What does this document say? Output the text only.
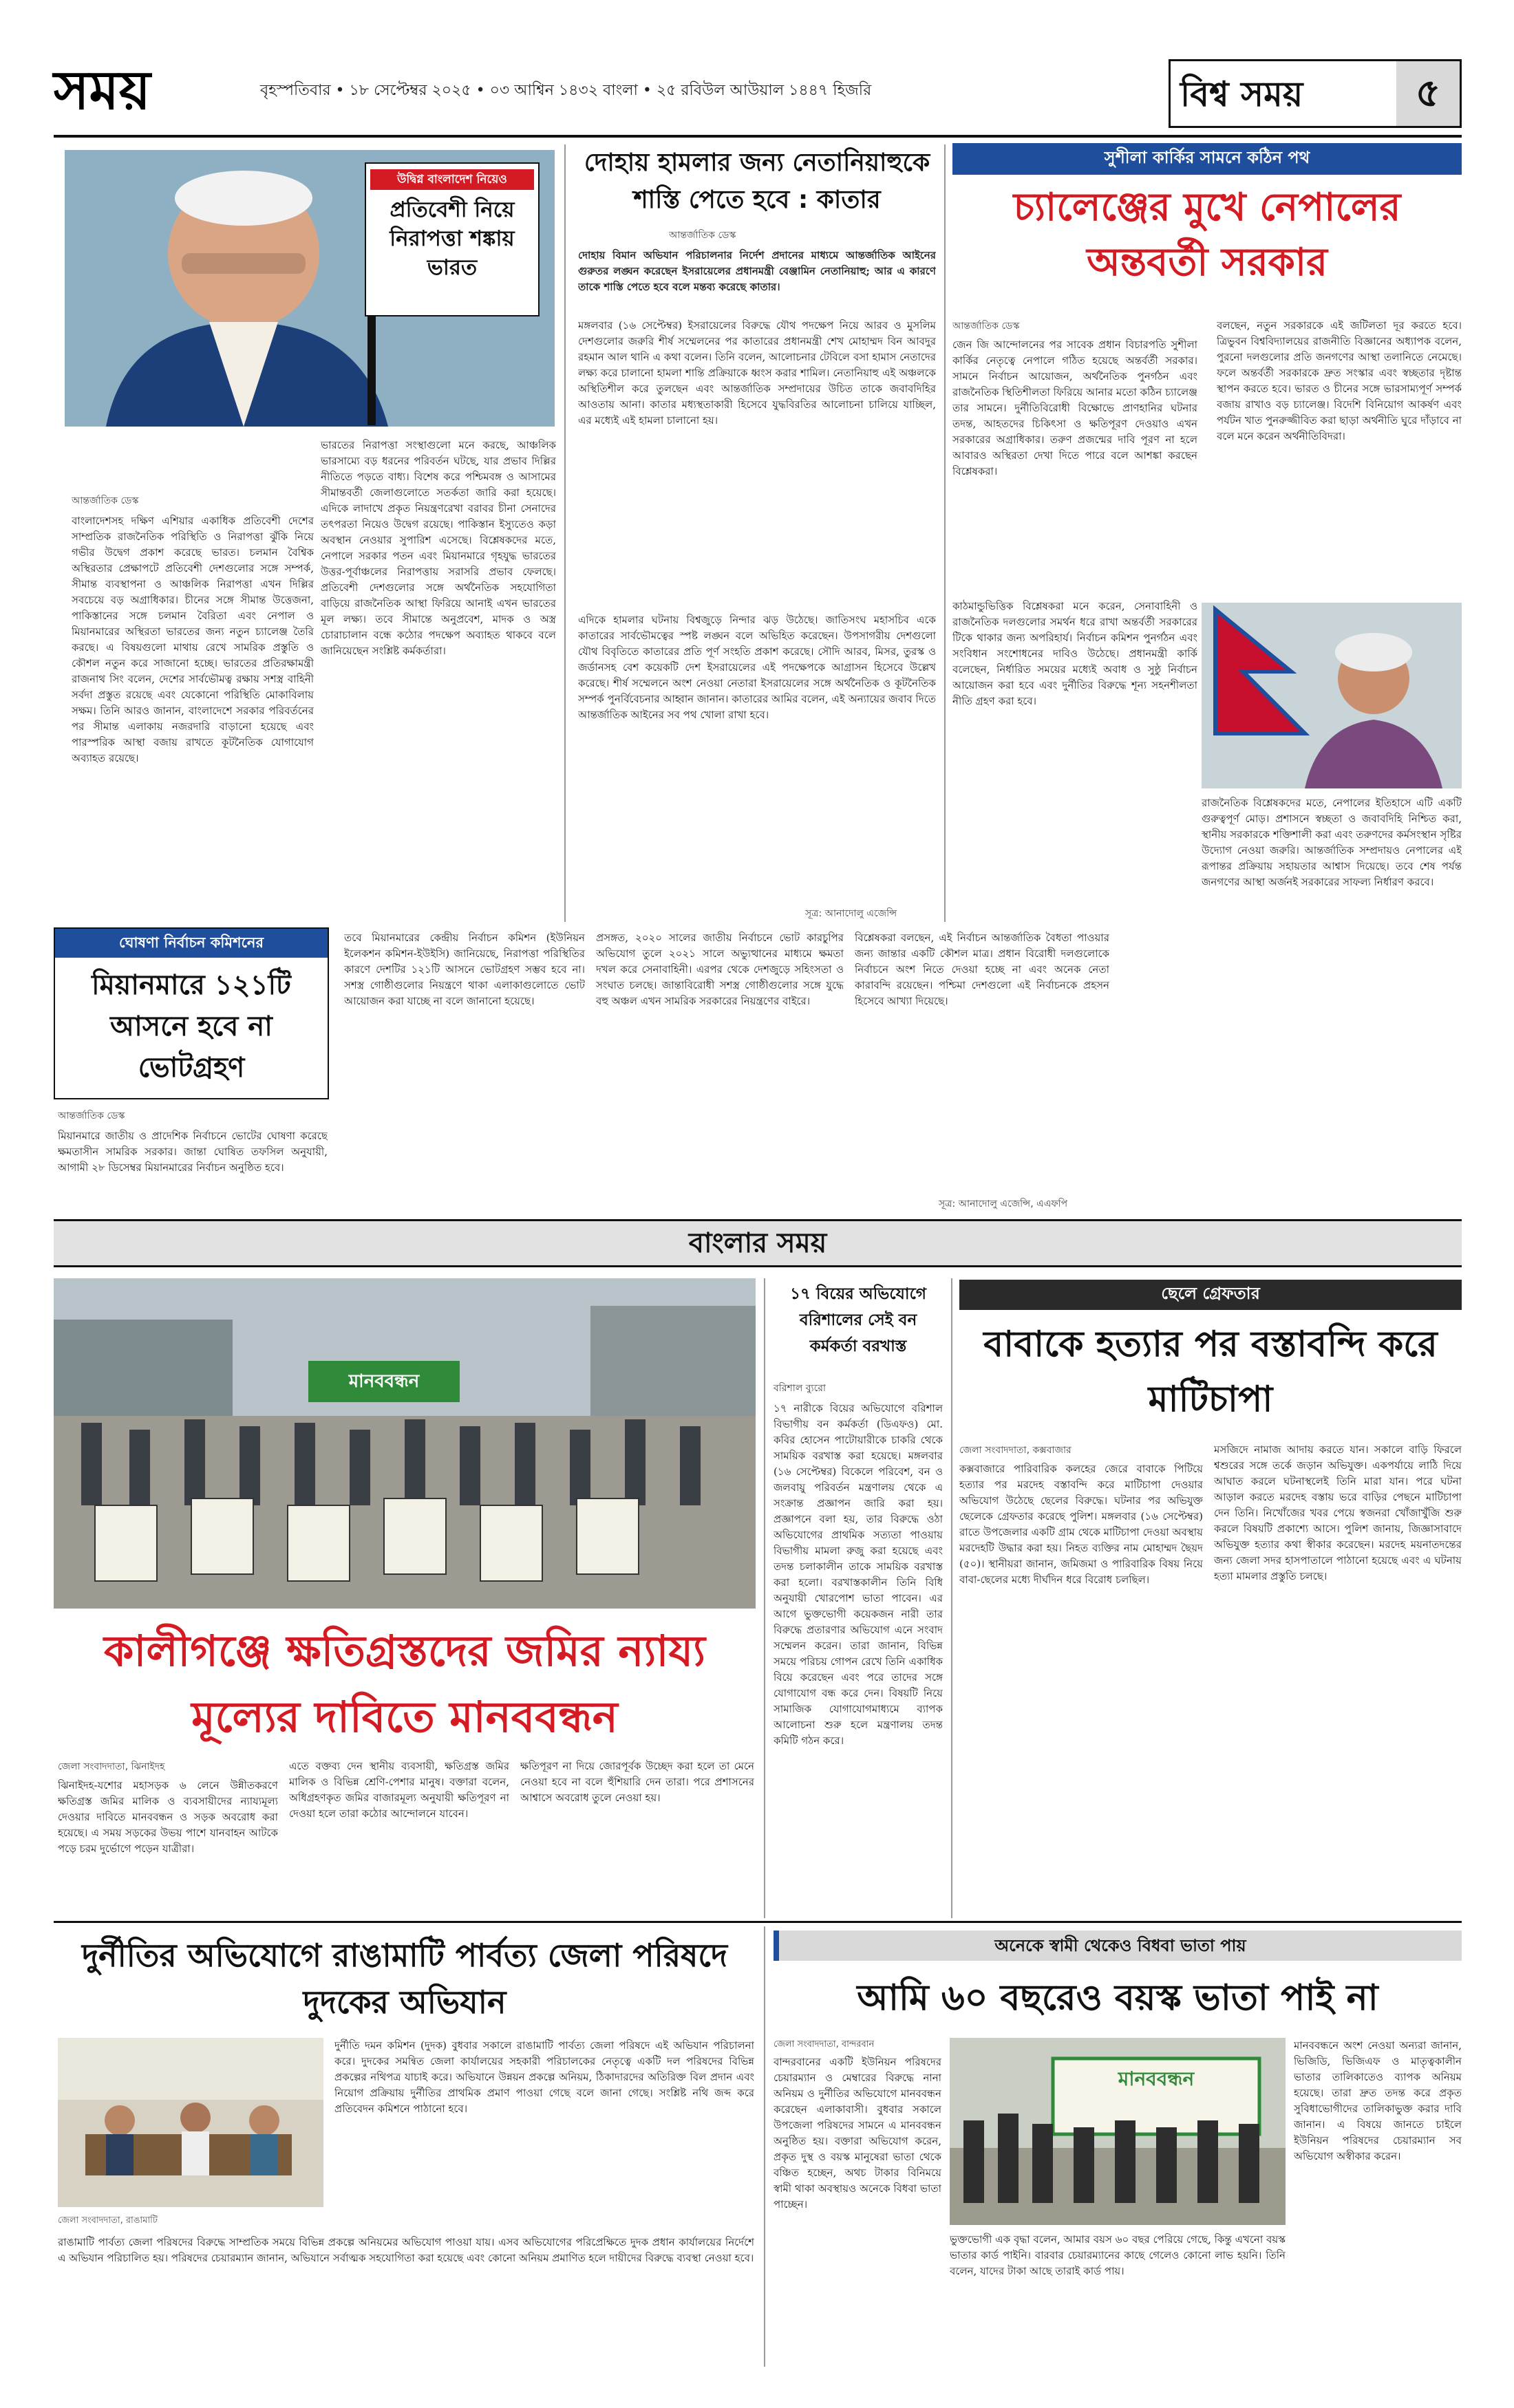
সময়	বৃহস্পতিবার • ১৮ সেপ্টেম্বর ২০২৫ • ০৩ আশ্বিন ১৪৩২ বাংলা • ২৫ রবিউল আউয়াল ১৪৪৭ হিজরি	বিশ্ব সময়	৫
উদ্বিগ্ন বাংলাদেশ নিয়েও
প্রতিবেশী নিয়ে নিরাপত্তা শঙ্কায় ভারত
আন্তর্জাতিক ডেস্ক
বাংলাদেশসহ দক্ষিণ এশিয়ার একাধিক প্রতিবেশী দেশের সাম্প্রতিক রাজনৈতিক পরিস্থিতি ও নিরাপত্তা ঝুঁকি নিয়ে গভীর উদ্বেগ প্রকাশ করেছে ভারত। চলমান বৈশ্বিক অস্থিরতার প্রেক্ষাপটে প্রতিবেশী দেশগুলোর সঙ্গে সম্পর্ক, সীমান্ত ব্যবস্থাপনা ও আঞ্চলিক নিরাপত্তা এখন দিল্লির সবচেয়ে বড় অগ্রাধিকার। চীনের সঙ্গে সীমান্ত উত্তেজনা, পাকিস্তানের সঙ্গে চলমান বৈরিতা এবং নেপাল ও মিয়ানমারের অস্থিরতা ভারতের জন্য নতুন চ্যালেঞ্জ তৈরি করছে। এ বিষয়গুলো মাথায় রেখে সামরিক প্রস্তুতি ও কৌশল নতুন করে সাজানো হচ্ছে। ভারতের প্রতিরক্ষামন্ত্রী রাজনাথ সিং বলেন, দেশের সার্বভৌমত্ব রক্ষায় সশস্ত্র বাহিনী সর্বদা প্রস্তুত রয়েছে এবং যেকোনো পরিস্থিতি মোকাবিলায় সক্ষম। তিনি আরও জানান, বাংলাদেশে সরকার পরিবর্তনের পর সীমান্ত এলাকায় নজরদারি বাড়ানো হয়েছে এবং পারস্পরিক আস্থা বজায় রাখতে কূটনৈতিক যোগাযোগ অব্যাহত রয়েছে।
ভারতের নিরাপত্তা সংস্থাগুলো মনে করছে, আঞ্চলিক ভারসাম্যে বড় ধরনের পরিবর্তন ঘটছে, যার প্রভাব দিল্লির নীতিতে পড়তে বাধ্য। বিশেষ করে পশ্চিমবঙ্গ ও আসামের সীমান্তবর্তী জেলাগুলোতে সতর্কতা জারি করা হয়েছে। এদিকে লাদাখে প্রকৃত নিয়ন্ত্রণরেখা বরাবর চীনা সেনাদের তৎপরতা নিয়েও উদ্বেগ রয়েছে। পাকিস্তান ইস্যুতেও কড়া অবস্থান নেওয়ার সুপারিশ এসেছে। বিশ্লেষকদের মতে, নেপালে সরকার পতন এবং মিয়ানমারে গৃহযুদ্ধ ভারতের উত্তর-পূর্বাঞ্চলের নিরাপত্তায় সরাসরি প্রভাব ফেলছে। প্রতিবেশী দেশগুলোর সঙ্গে অর্থনৈতিক সহযোগিতা বাড়িয়ে রাজনৈতিক আস্থা ফিরিয়ে আনাই এখন ভারতের মূল লক্ষ্য। তবে সীমান্তে অনুপ্রবেশ, মাদক ও অস্ত্র চোরাচালান বন্ধে কঠোর পদক্ষেপ অব্যাহত থাকবে বলে জানিয়েছেন সংশ্লিষ্ট কর্মকর্তারা।
দোহায় হামলার জন্য নেতানিয়াহুকে শাস্তি পেতে হবে : কাতার
আন্তর্জাতিক ডেস্ক
দোহায় বিমান অভিযান পরিচালনার নির্দেশ প্রদানের মাধ্যমে আন্তর্জাতিক আইনের গুরুতর লঙ্ঘন করেছেন ইসরায়েলের প্রধানমন্ত্রী বেঞ্জামিন নেতানিয়াহু; আর এ কারণে তাকে শাস্তি পেতে হবে বলে মন্তব্য করেছে কাতার।
মঙ্গলবার (১৬ সেপ্টেম্বর) ইসরায়েলের বিরুদ্ধে যৌথ পদক্ষেপ নিয়ে আরব ও মুসলিম দেশগুলোর জরুরি শীর্ষ সম্মেলনের পর কাতারের প্রধানমন্ত্রী শেখ মোহাম্মদ বিন আবদুর রহমান আল থানি এ কথা বলেন। তিনি বলেন, আলোচনার টেবিলে বসা হামাস নেতাদের লক্ষ্য করে চালানো হামলা শান্তি প্রক্রিয়াকে ধ্বংস করার শামিল। নেতানিয়াহু এই অঞ্চলকে অস্থিতিশীল করে তুলছেন এবং আন্তর্জাতিক সম্প্রদায়ের উচিত তাকে জবাবদিহির আওতায় আনা। কাতার মধ্যস্থতাকারী হিসেবে যুদ্ধবিরতির আলোচনা চালিয়ে যাচ্ছিল, এর মধ্যেই এই হামলা চালানো হয়।
এদিকে হামলার ঘটনায় বিশ্বজুড়ে নিন্দার ঝড় উঠেছে। জাতিসংঘ মহাসচিব একে কাতারের সার্বভৌমত্বের স্পষ্ট লঙ্ঘন বলে অভিহিত করেছেন। উপসাগরীয় দেশগুলো যৌথ বিবৃতিতে কাতারের প্রতি পূর্ণ সংহতি প্রকাশ করেছে। সৌদি আরব, মিসর, তুরস্ক ও জর্ডানসহ বেশ কয়েকটি দেশ ইসরায়েলের এই পদক্ষেপকে আগ্রাসন হিসেবে উল্লেখ করেছে। শীর্ষ সম্মেলনে অংশ নেওয়া নেতারা ইসরায়েলের সঙ্গে অর্থনৈতিক ও কূটনৈতিক সম্পর্ক পুনর্বিবেচনার আহ্বান জানান। কাতারের আমির বলেন, এই অন্যায়ের জবাব দিতে আন্তর্জাতিক আইনের সব পথ খোলা রাখা হবে।
সূত্র: আনাদোলু এজেন্সি
সুশীলা কার্কির সামনে কঠিন পথ
চ্যালেঞ্জের মুখে নেপালের অন্তবর্তী সরকার
আন্তর্জাতিক ডেস্ক
জেন জি আন্দোলনের পর সাবেক প্রধান বিচারপতি সুশীলা কার্কির নেতৃত্বে নেপালে গঠিত হয়েছে অন্তর্বর্তী সরকার। সামনে নির্বাচন আয়োজন, অর্থনৈতিক পুনর্গঠন এবং রাজনৈতিক স্থিতিশীলতা ফিরিয়ে আনার মতো কঠিন চ্যালেঞ্জ তার সামনে। দুর্নীতিবিরোধী বিক্ষোভে প্রাণহানির ঘটনার তদন্ত, আহতদের চিকিৎসা ও ক্ষতিপূরণ দেওয়াও এখন সরকারের অগ্রাধিকার। তরুণ প্রজন্মের দাবি পূরণ না হলে আবারও অস্থিরতা দেখা দিতে পারে বলে আশঙ্কা করছেন বিশ্লেষকরা।
বলছেন, নতুন সরকারকে এই জটিলতা দূর করতে হবে। ত্রিভুবন বিশ্ববিদ্যালয়ের রাজনীতি বিজ্ঞানের অধ্যাপক বলেন, পুরনো দলগুলোর প্রতি জনগণের আস্থা তলানিতে নেমেছে। ফলে অন্তর্বর্তী সরকারকে দ্রুত সংস্কার এবং স্বচ্ছতার দৃষ্টান্ত স্থাপন করতে হবে। ভারত ও চীনের সঙ্গে ভারসাম্যপূর্ণ সম্পর্ক বজায় রাখাও বড় চ্যালেঞ্জ। বিদেশি বিনিয়োগ আকর্ষণ এবং পর্যটন খাত পুনরুজ্জীবিত করা ছাড়া অর্থনীতি ঘুরে দাঁড়াবে না বলে মনে করেন অর্থনীতিবিদরা।
কাঠমান্ডুভিত্তিক বিশ্লেষকরা মনে করেন, সেনাবাহিনী ও রাজনৈতিক দলগুলোর সমর্থন ধরে রাখা অন্তর্বর্তী সরকারের টিকে থাকার জন্য অপরিহার্য। নির্বাচন কমিশন পুনর্গঠন এবং সংবিধান সংশোধনের দাবিও উঠেছে। প্রধানমন্ত্রী কার্কি বলেছেন, নির্ধারিত সময়ের মধ্যেই অবাধ ও সুষ্ঠু নির্বাচন আয়োজন করা হবে এবং দুর্নীতির বিরুদ্ধে শূন্য সহনশীলতা নীতি গ্রহণ করা হবে।
রাজনৈতিক বিশ্লেষকদের মতে, নেপালের ইতিহাসে এটি একটি গুরুত্বপূর্ণ মোড়। প্রশাসনে স্বচ্ছতা ও জবাবদিহি নিশ্চিত করা, স্থানীয় সরকারকে শক্তিশালী করা এবং তরুণদের কর্মসংস্থান সৃষ্টির উদ্যোগ নেওয়া জরুরি। আন্তর্জাতিক সম্প্রদায়ও নেপালের এই রূপান্তর প্রক্রিয়ায় সহায়তার আশ্বাস দিয়েছে। তবে শেষ পর্যন্ত জনগণের আস্থা অর্জনই সরকারের সাফল্য নির্ধারণ করবে।
ঘোষণা নির্বাচন কমিশনের
মিয়ানমারে ১২১টি আসনে হবে না ভোটগ্রহণ
আন্তর্জাতিক ডেস্ক
মিয়ানমারে জাতীয় ও প্রাদেশিক নির্বাচনে ভোটের ঘোষণা করেছে ক্ষমতাসীন সামরিক সরকার। জান্তা ঘোষিত তফসিল অনুযায়ী, আগামী ২৮ ডিসেম্বর মিয়ানমারের নির্বাচন অনুষ্ঠিত হবে।
তবে মিয়ানমারের কেন্দ্রীয় নির্বাচন কমিশন (ইউনিয়ন ইলেকশন কমিশন-ইউইসি) জানিয়েছে, নিরাপত্তা পরিস্থিতির কারণে দেশটির ১২১টি আসনে ভোটগ্রহণ সম্ভব হবে না। সশস্ত্র গোষ্ঠীগুলোর নিয়ন্ত্রণে থাকা এলাকাগুলোতে ভোট আয়োজন করা যাচ্ছে না বলে জানানো হয়েছে।
প্রসঙ্গত, ২০২০ সালের জাতীয় নির্বাচনে ভোট কারচুপির অভিযোগ তুলে ২০২১ সালে অভ্যুত্থানের মাধ্যমে ক্ষমতা দখল করে সেনাবাহিনী। এরপর থেকে দেশজুড়ে সহিংসতা ও সংঘাত চলছে। জান্তাবিরোধী সশস্ত্র গোষ্ঠীগুলোর সঙ্গে যুদ্ধে বহু অঞ্চল এখন সামরিক সরকারের নিয়ন্ত্রণের বাইরে।
বিশ্লেষকরা বলছেন, এই নির্বাচন আন্তর্জাতিক বৈধতা পাওয়ার জন্য জান্তার একটি কৌশল মাত্র। প্রধান বিরোধী দলগুলোকে নির্বাচনে অংশ নিতে দেওয়া হচ্ছে না এবং অনেক নেতা কারাবন্দি রয়েছেন। পশ্চিমা দেশগুলো এই নির্বাচনকে প্রহসন হিসেবে আখ্যা দিয়েছে।
সূত্র: আনাদোলু এজেন্সি, এএফপি
বাংলার সময়
মানববন্ধন
কালীগঞ্জে ক্ষতিগ্রস্তদের জমির ন্যায্য মূল্যের দাবিতে মানববন্ধন
জেলা সংবাদদাতা, ঝিনাইদহ
ঝিনাইদহ-যশোর মহাসড়ক ৬ লেনে উন্নীতকরণে ক্ষতিগ্রস্ত জমির মালিক ও ব্যবসায়ীদের ন্যায্যমূল্য দেওয়ার দাবিতে মানববন্ধন ও সড়ক অবরোধ করা হয়েছে। এ সময় সড়কের উভয় পাশে যানবাহন আটকে পড়ে চরম দুর্ভোগে পড়েন যাত্রীরা।
এতে বক্তব্য দেন স্থানীয় ব্যবসায়ী, ক্ষতিগ্রস্ত জমির মালিক ও বিভিন্ন শ্রেণি-পেশার মানুষ। বক্তারা বলেন, অধিগ্রহণকৃত জমির বাজারমূল্য অনুযায়ী ক্ষতিপূরণ না দেওয়া হলে তারা কঠোর আন্দোলনে যাবেন।
ক্ষতিপূরণ না দিয়ে জোরপূর্বক উচ্ছেদ করা হলে তা মেনে নেওয়া হবে না বলে হুঁশিয়ারি দেন তারা। পরে প্রশাসনের আশ্বাসে অবরোধ তুলে নেওয়া হয়।
১৭ বিয়ের অভিযোগে বরিশালের সেই বন কর্মকর্তা বরখাস্ত
বরিশাল ব্যুরো
১৭ নারীকে বিয়ের অভিযোগে বরিশাল বিভাগীয় বন কর্মকর্তা (ডিএফও) মো. কবির হোসেন পাটোয়ারীকে চাকরি থেকে সাময়িক বরখাস্ত করা হয়েছে। মঙ্গলবার (১৬ সেপ্টেম্বর) বিকেলে পরিবেশ, বন ও জলবায়ু পরিবর্তন মন্ত্রণালয় থেকে এ সংক্রান্ত প্রজ্ঞাপন জারি করা হয়। প্রজ্ঞাপনে বলা হয়, তার বিরুদ্ধে ওঠা অভিযোগের প্রাথমিক সত্যতা পাওয়ায় বিভাগীয় মামলা রুজু করা হয়েছে এবং তদন্ত চলাকালীন তাকে সাময়িক বরখাস্ত করা হলো। বরখাস্তকালীন তিনি বিধি অনুযায়ী খোরপোশ ভাতা পাবেন। এর আগে ভুক্তভোগী কয়েকজন নারী তার বিরুদ্ধে প্রতারণার অভিযোগ এনে সংবাদ সম্মেলন করেন। তারা জানান, বিভিন্ন সময়ে পরিচয় গোপন রেখে তিনি একাধিক বিয়ে করেছেন এবং পরে তাদের সঙ্গে যোগাযোগ বন্ধ করে দেন। বিষয়টি নিয়ে সামাজিক যোগাযোগমাধ্যমে ব্যাপক আলোচনা শুরু হলে মন্ত্রণালয় তদন্ত কমিটি গঠন করে।
ছেলে গ্রেফতার
বাবাকে হত্যার পর বস্তাবন্দি করে মাটিচাপা
জেলা সংবাদদাতা, কক্সবাজার
কক্সবাজারে পারিবারিক কলহের জেরে বাবাকে পিটিয়ে হত্যার পর মরদেহ বস্তাবন্দি করে মাটিচাপা দেওয়ার অভিযোগ উঠেছে ছেলের বিরুদ্ধে। ঘটনার পর অভিযুক্ত ছেলেকে গ্রেফতার করেছে পুলিশ। মঙ্গলবার (১৬ সেপ্টেম্বর) রাতে উপজেলার একটি গ্রাম থেকে মাটিচাপা দেওয়া অবস্থায় মরদেহটি উদ্ধার করা হয়। নিহত ব্যক্তির নাম মোহাম্মদ ছৈয়দ (৫০)। স্থানীয়রা জানান, জমিজমা ও পারিবারিক বিষয় নিয়ে বাবা-ছেলের মধ্যে দীর্ঘদিন ধরে বিরোধ চলছিল।
মসজিদে নামাজ আদায় করতে যান। সকালে বাড়ি ফিরলে শ্বশুরের সঙ্গে তর্কে জড়ান অভিযুক্ত। একপর্যায়ে লাঠি দিয়ে আঘাত করলে ঘটনাস্থলেই তিনি মারা যান। পরে ঘটনা আড়াল করতে মরদেহ বস্তায় ভরে বাড়ির পেছনে মাটিচাপা দেন তিনি। নিখোঁজের খবর পেয়ে স্বজনরা খোঁজাখুঁজি শুরু করলে বিষয়টি প্রকাশ্যে আসে। পুলিশ জানায়, জিজ্ঞাসাবাদে অভিযুক্ত হত্যার কথা স্বীকার করেছেন। মরদেহ ময়নাতদন্তের জন্য জেলা সদর হাসপাতালে পাঠানো হয়েছে এবং এ ঘটনায় হত্যা মামলার প্রস্তুতি চলছে।
দুর্নীতির অভিযোগে রাঙামাটি পার্বত্য জেলা পরিষদে দুদকের অভিযান
জেলা সংবাদদাতা, রাঙামাটি
দুর্নীতি দমন কমিশন (দুদক) বুধবার সকালে রাঙামাটি পার্বত্য জেলা পরিষদে এই অভিযান পরিচালনা করে। দুদকের সমন্বিত জেলা কার্যালয়ের সহকারী পরিচালকের নেতৃত্বে একটি দল পরিষদের বিভিন্ন প্রকল্পের নথিপত্র যাচাই করে। অভিযানে উন্নয়ন প্রকল্পে অনিয়ম, ঠিকাদারদের অতিরিক্ত বিল প্রদান এবং নিয়োগ প্রক্রিয়ায় দুর্নীতির প্রাথমিক প্রমাণ পাওয়া গেছে বলে জানা গেছে। সংশ্লিষ্ট নথি জব্দ করে প্রতিবেদন কমিশনে পাঠানো হবে।
রাঙামাটি পার্বত্য জেলা পরিষদের বিরুদ্ধে সাম্প্রতিক সময়ে বিভিন্ন প্রকল্পে অনিয়মের অভিযোগ পাওয়া যায়। এসব অভিযোগের পরিপ্রেক্ষিতে দুদক প্রধান কার্যালয়ের নির্দেশে এ অভিযান পরিচালিত হয়। পরিষদের চেয়ারম্যান জানান, অভিযানে সর্বাত্মক সহযোগিতা করা হয়েছে এবং কোনো অনিয়ম প্রমাণিত হলে দায়ীদের বিরুদ্ধে ব্যবস্থা নেওয়া হবে।
অনেকে স্বামী থেকেও বিধবা ভাতা পায়
আমি ৬০ বছরেও বয়স্ক ভাতা পাই না
জেলা সংবাদদাতা, বান্দরবান
বান্দরবানের একটি ইউনিয়ন পরিষদের চেয়ারম্যান ও মেম্বারের বিরুদ্ধে নানা অনিয়ম ও দুর্নীতির অভিযোগে মানববন্ধন করেছেন এলাকাবাসী। বুধবার সকালে উপজেলা পরিষদের সামনে এ মানববন্ধন অনুষ্ঠিত হয়। বক্তারা অভিযোগ করেন, প্রকৃত দুস্থ ও বয়স্ক মানুষেরা ভাতা থেকে বঞ্চিত হচ্ছেন, অথচ টাকার বিনিময়ে স্বামী থাকা অবস্থায়ও অনেকে বিধবা ভাতা পাচ্ছেন।
মানববন্ধন
ভুক্তভোগী এক বৃদ্ধা বলেন, আমার বয়স ৬০ বছর পেরিয়ে গেছে, কিন্তু এখনো বয়স্ক ভাতার কার্ড পাইনি। বারবার চেয়ারম্যানের কাছে গেলেও কোনো লাভ হয়নি। তিনি বলেন, যাদের টাকা আছে তারাই কার্ড পায়।
মানববন্ধনে অংশ নেওয়া অন্যরা জানান, ভিজিডি, ভিজিএফ ও মাতৃত্বকালীন ভাতার তালিকাতেও ব্যাপক অনিয়ম হয়েছে। তারা দ্রুত তদন্ত করে প্রকৃত সুবিধাভোগীদের তালিকাভুক্ত করার দাবি জানান। এ বিষয়ে জানতে চাইলে ইউনিয়ন পরিষদের চেয়ারম্যান সব অভিযোগ অস্বীকার করেন।
